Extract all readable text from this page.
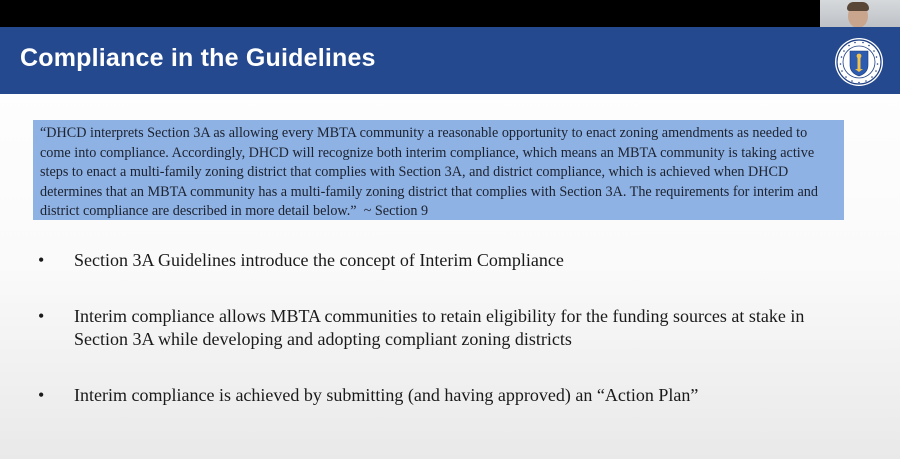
Compliance in the Guidelines
“DHCD interprets Section 3A as allowing every MBTA community a reasonable opportunity to enact zoning amendments as needed to come into compliance. Accordingly, DHCD will recognize both interim compliance, which means an MBTA community is taking active steps to enact a multi-family zoning district that complies with Section 3A, and district compliance, which is achieved when DHCD determines that an MBTA community has a multi-family zoning district that complies with Section 3A. The requirements for interim and district compliance are described in more detail below.” ~ Section 9
• Section 3A Guidelines introduce the concept of Interim Compliance
• Interim compliance allows MBTA communities to retain eligibility for the funding sources at stake in Section 3A while developing and adopting compliant zoning districts
• Interim compliance is achieved by submitting (and having approved) an “Action Plan”
